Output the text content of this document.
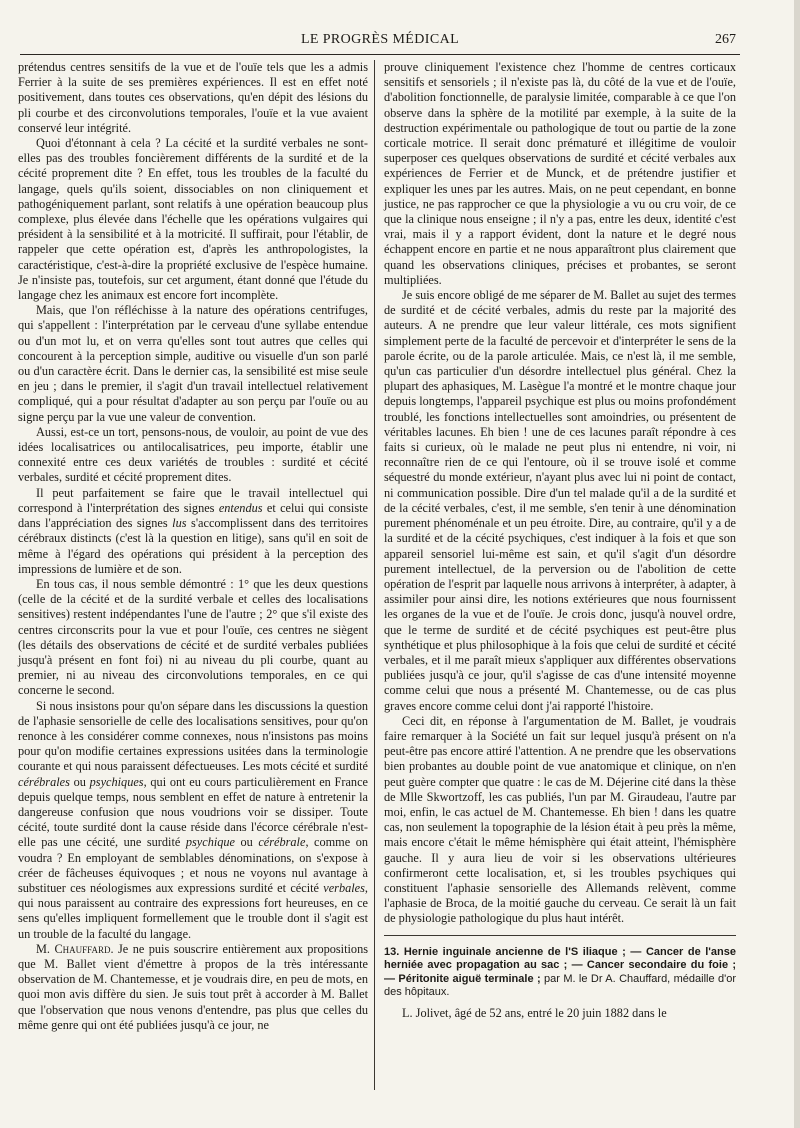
LE PROGRÈS MÉDICAL	267

prétendus centres sensitifs de la vue et de l'ouïe tels que les a admis Ferrier à la suite de ses premières expériences. Il est en effet noté positivement, dans toutes ces observations, qu'en dépit des lésions du pli courbe et des circonvolutions temporales, l'ouïe et la vue avaient conservé leur intégrité.

Quoi d'étonnant à cela ? La cécité et la surdité verbales ne sont-elles pas des troubles foncièrement différents de la surdité et de la cécité proprement dite ? En effet, tous les troubles de la faculté du langage, quels qu'ils soient, dissociables on non cliniquement et pathogéniquement parlant, sont relatifs à une opération beaucoup plus complexe, plus élevée dans l'échelle que les opérations vulgaires qui président à la sensibilité et à la motricité. Il suffirait, pour l'établir, de rappeler que cette opération est, d'après les anthropologistes, la caractéristique, c'est-à-dire la propriété exclusive de l'espèce humaine. Je n'insiste pas, toutefois, sur cet argument, étant donné que l'étude du langage chez les animaux est encore fort incomplète.

Mais, que l'on réfléchisse à la nature des opérations centrifuges, qui s'appellent : l'interprétation par le cerveau d'une syllabe entendue ou d'un mot lu, et on verra qu'elles sont tout autres que celles qui concourent à la perception simple, auditive ou visuelle d'un son parlé ou d'un caractère écrit. Dans le dernier cas, la sensibilité est mise seule en jeu ; dans le premier, il s'agit d'un travail intellectuel relativement compliqué, qui a pour résultat d'adapter au son perçu par l'ouïe ou au signe perçu par la vue une valeur de convention.

Aussi, est-ce un tort, pensons-nous, de vouloir, au point de vue des idées localisatrices ou antilocalisatrices, peu importe, établir une connexité entre ces deux variétés de troubles : surdité et cécité verbales, surdité et cécité proprement dites.

Il peut parfaitement se faire que le travail intellectuel qui correspond à l'interprétation des signes entendus et celui qui consiste dans l'appréciation des signes lus s'accomplissent dans des territoires cérébraux distincts (c'est là la question en litige), sans qu'il en soit de même à l'égard des opérations qui président à la perception des impressions de lumière et de son.

En tous cas, il nous semble démontré : 1° que les deux questions (celle de la cécité et de la surdité verbale et celles des localisations sensitives) restent indépendantes l'une de l'autre ; 2° que s'il existe des centres circonscrits pour la vue et pour l'ouïe, ces centres ne siègent (les détails des observations de cécité et de surdité verbales publiées jusqu'à présent en font foi) ni au niveau du pli courbe, quant au premier, ni au niveau des circonvolutions temporales, en ce qui concerne le second.

Si nous insistons pour qu'on sépare dans les discussions la question de l'aphasie sensorielle de celle des localisations sensitives, pour qu'on renonce à les considérer comme connexes, nous n'insistons pas moins pour qu'on modifie certaines expressions usitées dans la terminologie courante et qui nous paraissent défectueuses. Les mots cécité et surdité cérébrales ou psychiques, qui ont eu cours particulièrement en France depuis quelque temps, nous semblent en effet de nature à entretenir la dangereuse confusion que nous voudrions voir se dissiper. Toute cécité, toute surdité dont la cause réside dans l'écorce cérébrale n'est-elle pas une cécité, une surdité psychique ou cérébrale, comme on voudra ? En employant de semblables dénominations, on s'expose à créer de fâcheuses équivoques ; et nous ne voyons nul avantage à substituer ces néologismes aux expressions surdité et cécité verbales, qui nous paraissent au contraire des expressions fort heureuses, en ce sens qu'elles impliquent formellement que le trouble dont il s'agit est un trouble de la faculté du langage.

M. Chauffard. Je ne puis souscrire entièrement aux propositions que M. Ballet vient d'émettre à propos de la très intéressante observation de M. Chantemesse, et je voudrais dire, en peu de mots, en quoi mon avis diffère du sien. Je suis tout prêt à accorder à M. Ballet que l'observation que nous venons d'entendre, pas plus que celles du même genre qui ont été publiées jusqu'à ce jour, ne

prouve cliniquement l'existence chez l'homme de centres corticaux sensitifs et sensoriels ; il n'existe pas là, du côté de la vue et de l'ouïe, d'abolition fonctionnelle, de paralysie limitée, comparable à ce que l'on observe dans la sphère de la motilité par exemple, à la suite de la destruction expérimentale ou pathologique de tout ou partie de la zone corticale motrice. Il serait donc prématuré et illégitime de vouloir superposer ces quelques observations de surdité et cécité verbales aux expériences de Ferrier et de Munck, et de prétendre justifier et expliquer les unes par les autres. Mais, on ne peut cependant, en bonne justice, ne pas rapprocher ce que la physiologie a vu ou cru voir, de ce que la clinique nous enseigne ; il n'y a pas, entre les deux, identité c'est vrai, mais il y a rapport évident, dont la nature et le degré nous échappent encore en partie et ne nous apparaîtront plus clairement que quand les observations cliniques, précises et probantes, se seront multipliées.

Je suis encore obligé de me séparer de M. Ballet au sujet des termes de surdité et de cécité verbales, admis du reste par la majorité des auteurs. A ne prendre que leur valeur littérale, ces mots signifient simplement perte de la faculté de percevoir et d'interpréter le sens de la parole écrite, ou de la parole articulée. Mais, ce n'est là, il me semble, qu'un cas particulier d'un désordre intellectuel plus général. Chez la plupart des aphasiques, M. Lasègue l'a montré et le montre chaque jour depuis longtemps, l'appareil psychique est plus ou moins profondément troublé, les fonctions intellectuelles sont amoindries, ou présentent de véritables lacunes. Eh bien ! une de ces lacunes paraît répondre à ces faits si curieux, où le malade ne peut plus ni entendre, ni voir, ni reconnaître rien de ce qui l'entoure, où il se trouve isolé et comme séquestré du monde extérieur, n'ayant plus avec lui ni point de contact, ni communication possible. Dire d'un tel malade qu'il a de la surdité et de la cécité verbales, c'est, il me semble, s'en tenir à une dénomination purement phénoménale et un peu étroite. Dire, au contraire, qu'il y a de la surdité et de la cécité psychiques, c'est indiquer à la fois et que son appareil sensoriel lui-même est sain, et qu'il s'agit d'un désordre purement intellectuel, de la perversion ou de l'abolition de cette opération de l'esprit par laquelle nous arrivons à interpréter, à adapter, à assimiler pour ainsi dire, les notions extérieures que nous fournissent les organes de la vue et de l'ouïe. Je crois donc, jusqu'à nouvel ordre, que le terme de surdité et de cécité psychiques est peut-être plus synthétique et plus philosophique à la fois que celui de surdité et cécité verbales, et il me paraît mieux s'appliquer aux différentes observations publiées jusqu'à ce jour, qu'il s'agisse de cas d'une intensité moyenne comme celui que nous a présenté M. Chantemesse, ou de cas plus graves encore comme celui dont j'ai rapporté l'histoire.

Ceci dit, en réponse à l'argumentation de M. Ballet, je voudrais faire remarquer à la Société un fait sur lequel jusqu'à présent on n'a peut-être pas encore attiré l'attention. A ne prendre que les observations bien probantes au double point de vue anatomique et clinique, on n'en peut guère compter que quatre : le cas de M. Déjerine cité dans la thèse de Mlle Skwortzoff, les cas publiés, l'un par M. Giraudeau, l'autre par moi, enfin, le cas actuel de M. Chantemesse. Eh bien ! dans les quatre cas, non seulement la topographie de la lésion était à peu près la même, mais encore c'était le même hémisphère qui était atteint, l'hémisphère gauche. Il y aura lieu de voir si les observations ultérieures confirmeront cette localisation, et, si les troubles psychiques qui constituent l'aphasie sensorielle des Allemands relèvent, comme l'aphasie de Broca, de la moitié gauche du cerveau. Ce serait là un fait de physiologie pathologique du plus haut intérêt.

13. Hernie inguinale ancienne de l'S iliaque ; — Cancer de l'anse herniée avec propagation au sac ; — Cancer secondaire du foie ; — Péritonite aiguë terminale ; par M. le Dr A. Chauffard, médaille d'or des hôpitaux.

L. Jolivet, âgé de 52 ans, entré le 20 juin 1882 dans le
